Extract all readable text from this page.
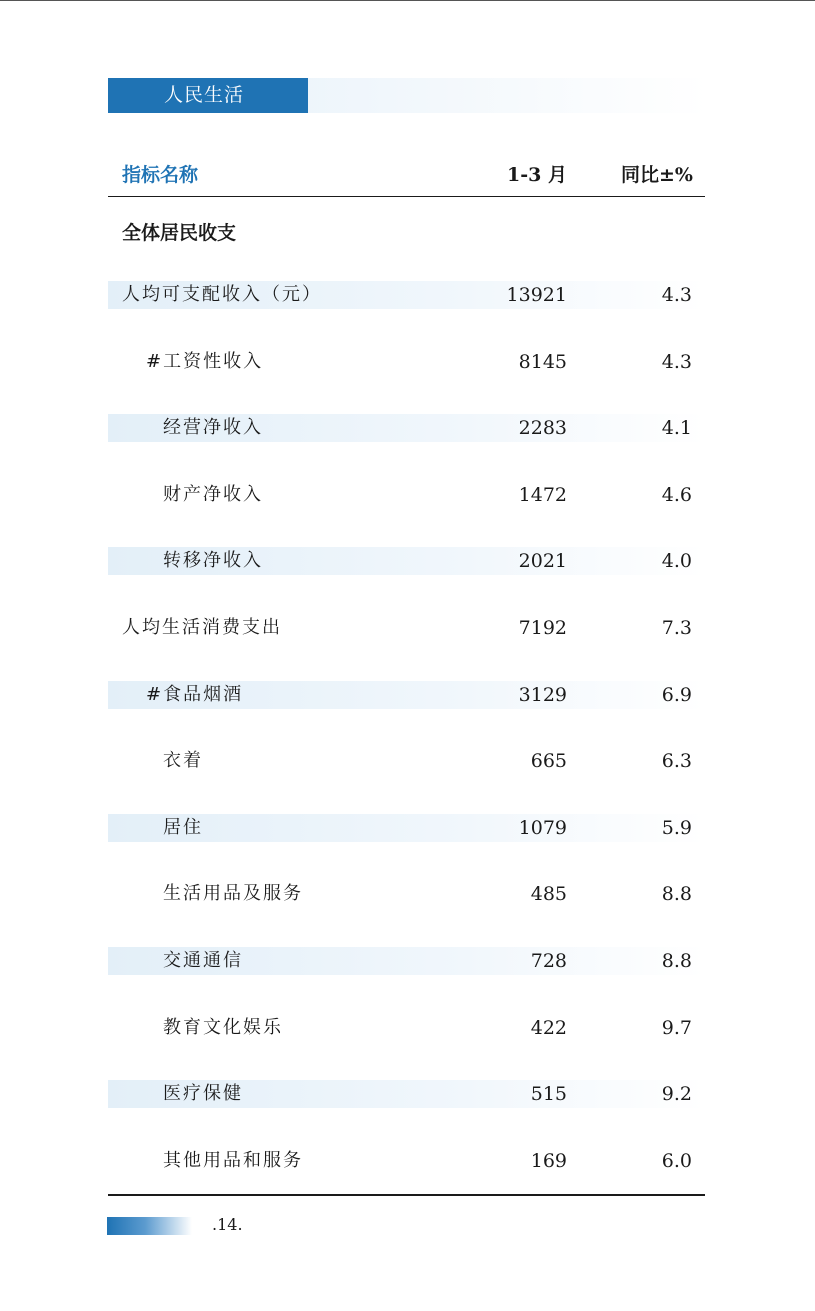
人民生活
指标名称	1-3 月	同比±%
全体居民收支
人均可支配收入（元）	13921	4.3
#工资性收入	8145	4.3
经营净收入	2283	4.1
财产净收入	1472	4.6
转移净收入	2021	4.0
人均生活消费支出	7192	7.3
#食品烟酒	3129	6.9
衣着	665	6.3
居住	1079	5.9
生活用品及服务	485	8.8
交通通信	728	8.8
教育文化娱乐	422	9.7
医疗保健	515	9.2
其他用品和服务	169	6.0
.14.
